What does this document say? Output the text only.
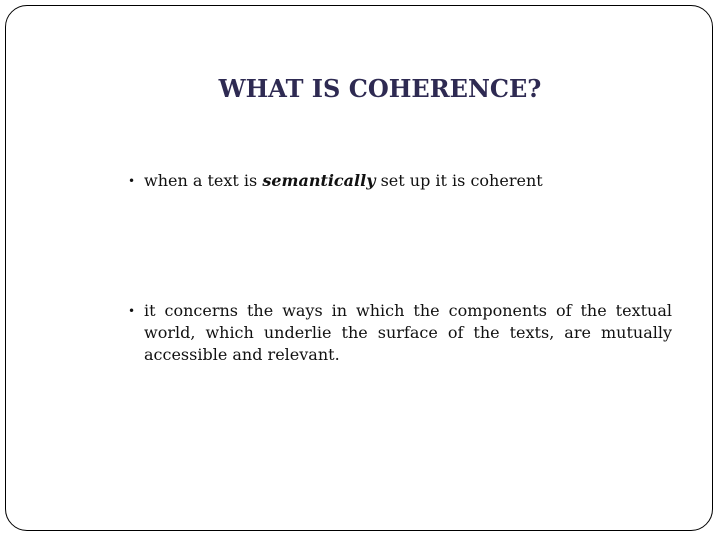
WHAT IS COHERENCE?
• when a text is semantically set up it is coherent
• it concerns the ways in which the components of the textual world, which underlie the surface of the texts, are mutually accessible and relevant.
